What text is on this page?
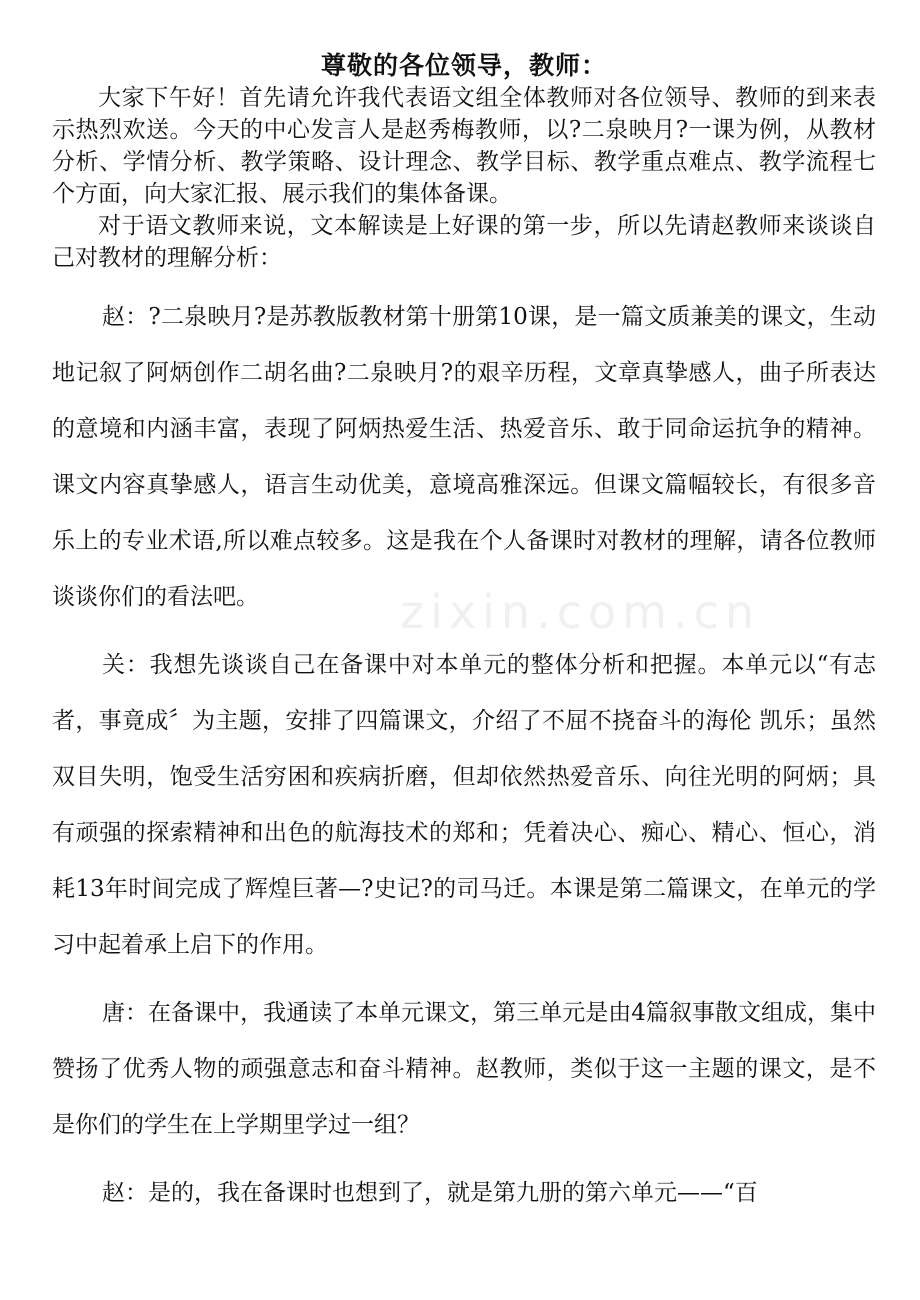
尊敬的各位领导，教师：

大家下午好！首先请允许我代表语文组全体教师对各位领导、教师的到来表示热烈欢送。今天的中心发言人是赵秀梅教师，以?二泉映月?一课为例，从教材分析、学情分析、教学策略、设计理念、教学目标、教学重点难点、教学流程七个方面，向大家汇报、展示我们的集体备课。

对于语文教师来说，文本解读是上好课的第一步，所以先请赵教师来谈谈自己对教材的理解分析：

赵：?二泉映月?是苏教版教材第十册第10课，是一篇文质兼美的课文，生动地记叙了阿炳创作二胡名曲?二泉映月?的艰辛历程，文章真挚感人，曲子所表达的意境和内涵丰富，表现了阿炳热爱生活、热爱音乐、敢于同命运抗争的精神。课文内容真挚感人，语言生动优美，意境高雅深远。但课文篇幅较长，有很多音乐上的专业术语,所以难点较多。这是我在个人备课时对教材的理解，请各位教师谈谈你们的看法吧。

关：我想先谈谈自己在备课中对本单元的整体分析和把握。本单元以“有志者，事竟成〞为主题，安排了四篇课文，介绍了不屈不挠奋斗的海伦 凯乐；虽然双目失明，饱受生活穷困和疾病折磨，但却依然热爱音乐、向往光明的阿炳；具有顽强的探索精神和出色的航海技术的郑和；凭着决心、痴心、精心、恒心，消耗13年时间完成了辉煌巨著—?史记?的司马迁。本课是第二篇课文，在单元的学习中起着承上启下的作用。

唐：在备课中，我通读了本单元课文，第三单元是由4篇叙事散文组成，集中赞扬了优秀人物的顽强意志和奋斗精神。赵教师，类似于这一主题的课文，是不是你们的学生在上学期里学过一组？

赵：是的，我在备课时也想到了，就是第九册的第六单元——“百

zixin.com.cn
